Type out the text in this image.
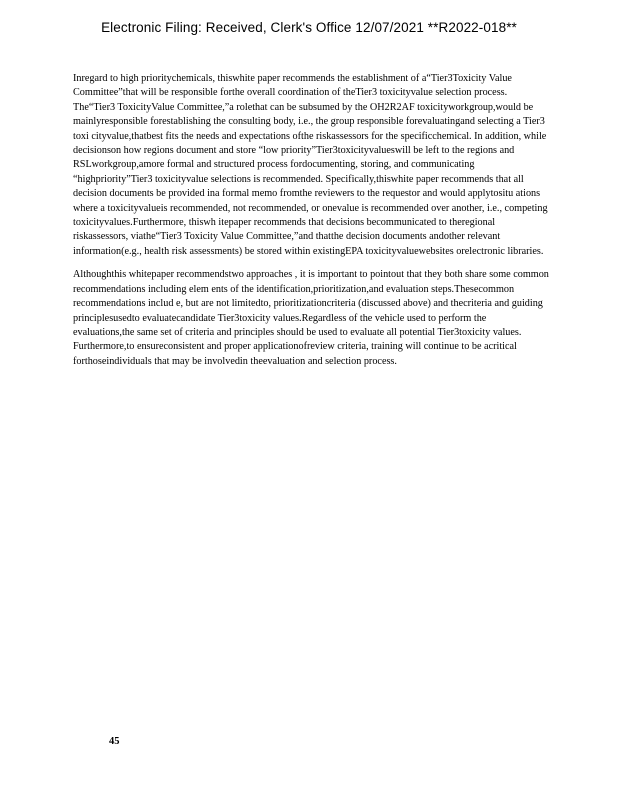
Electronic Filing: Received, Clerk's Office 12/07/2021 **R2022-018**

Inregard to high prioritychemicals, thiswhite paper recommends the establishment of a“Tier3Toxicity Value Committee”that will be responsible forthe overall coordination of theTier3 toxicityvalue selection process. The“Tier3 ToxicityValue Committee,”a rolethat can be subsumed by the OH2R2AF toxicityworkgroup,would be mainlyresponsible forestablishing the consulting body, i.e., the group responsible forevaluatingand selecting a Tier3 toxi cityvalue,thatbest fits the needs and expectations ofthe riskassessors for the specificchemical. In addition, while decisionson how regions document and store “low priority”Tier3toxicityvalueswill be left to the regions and RSLworkgroup,amore formal and structured process fordocumenting, storing, and communicating “highpriority”Tier3 toxicityvalue selections is recommended. Specifically,thiswhite paper recommends that all decision documents be provided ina formal memo fromthe reviewers to the requestor and would applytositu ations where a toxicityvalueis recommended, not recommended, or onevalue is recommended over another, i.e., competing toxicityvalues.Furthermore, thiswh itepaper recommends that decisions becommunicated to theregional riskassessors, viathe“Tier3 Toxicity Value Committee,”and thatthe decision documents andother relevant information(e.g., health risk assessments) be stored within existingEPA toxicityvaluewebsites orelectronic libraries.

Althoughthis whitepaper recommendstwo approaches , it is important to pointout that they both share some common recommendations including elem ents of the identification,prioritization,and evaluation steps.Thesecommon recommendations includ e, but are not limitedto, prioritizationcriteria (discussed above) and thecriteria and guiding principlesusedto evaluatecandidate Tier3toxicity values.Regardless of the vehicle used to perform the evaluations,the same set of criteria and principles should be used to evaluate all potential Tier3toxicity values. Furthermore,to ensureconsistent and proper applicationofreview criteria, training will continue to be acritical forthoseindividuals that may be involvedin theevaluation and selection process.

45
